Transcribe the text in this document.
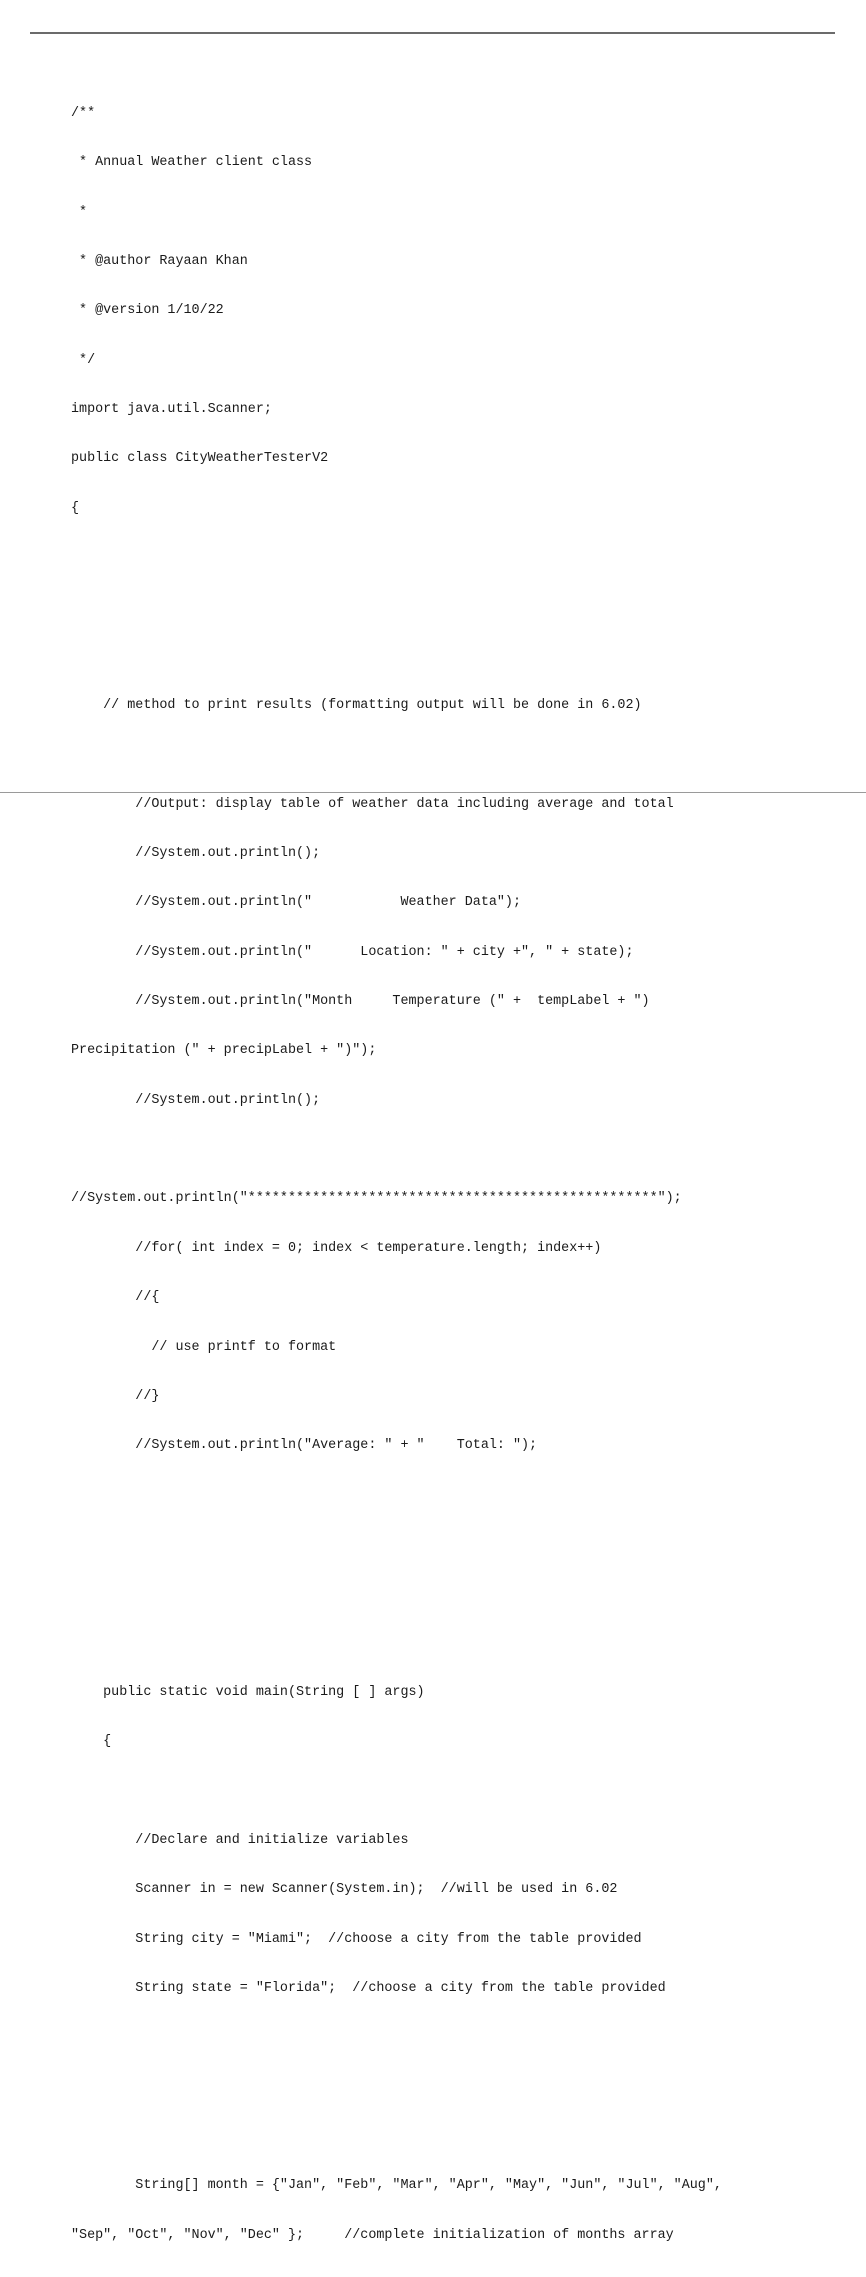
/**

* Annual Weather client class

*

* @author Rayaan Khan

* @version 1/10/22

*/

import java.util.Scanner;

public class CityWeatherTesterV2

{

// method to print results (formatting output will be done in 6.02)

//Output: display table of weather data including average and total

//System.out.println();

//System.out.println("           Weather Data");

//System.out.println("      Location: " + city +", " + state);

//System.out.println("Month     Temperature (" +  tempLabel + ")

Precipitation (" + precipLabel + ")");

//System.out.println();

//System.out.println("***************************************************");

//for( int index = 0; index < temperature.length; index++)

//{

// use printf to format

//}

//System.out.println("Average: " + "    Total: ");

public static void main(String [ ] args)

{

//Declare and initialize variables

Scanner in = new Scanner(System.in);  //will be used in 6.02

String city = "Miami";  //choose a city from the table provided

String state = "Florida";  //choose a city from the table provided

String[] month = {"Jan", "Feb", "Mar", "Apr", "May", "Jun", "Jul", "Aug",

"Sep", "Oct", "Nov", "Dec" };     //complete initialization of months array
